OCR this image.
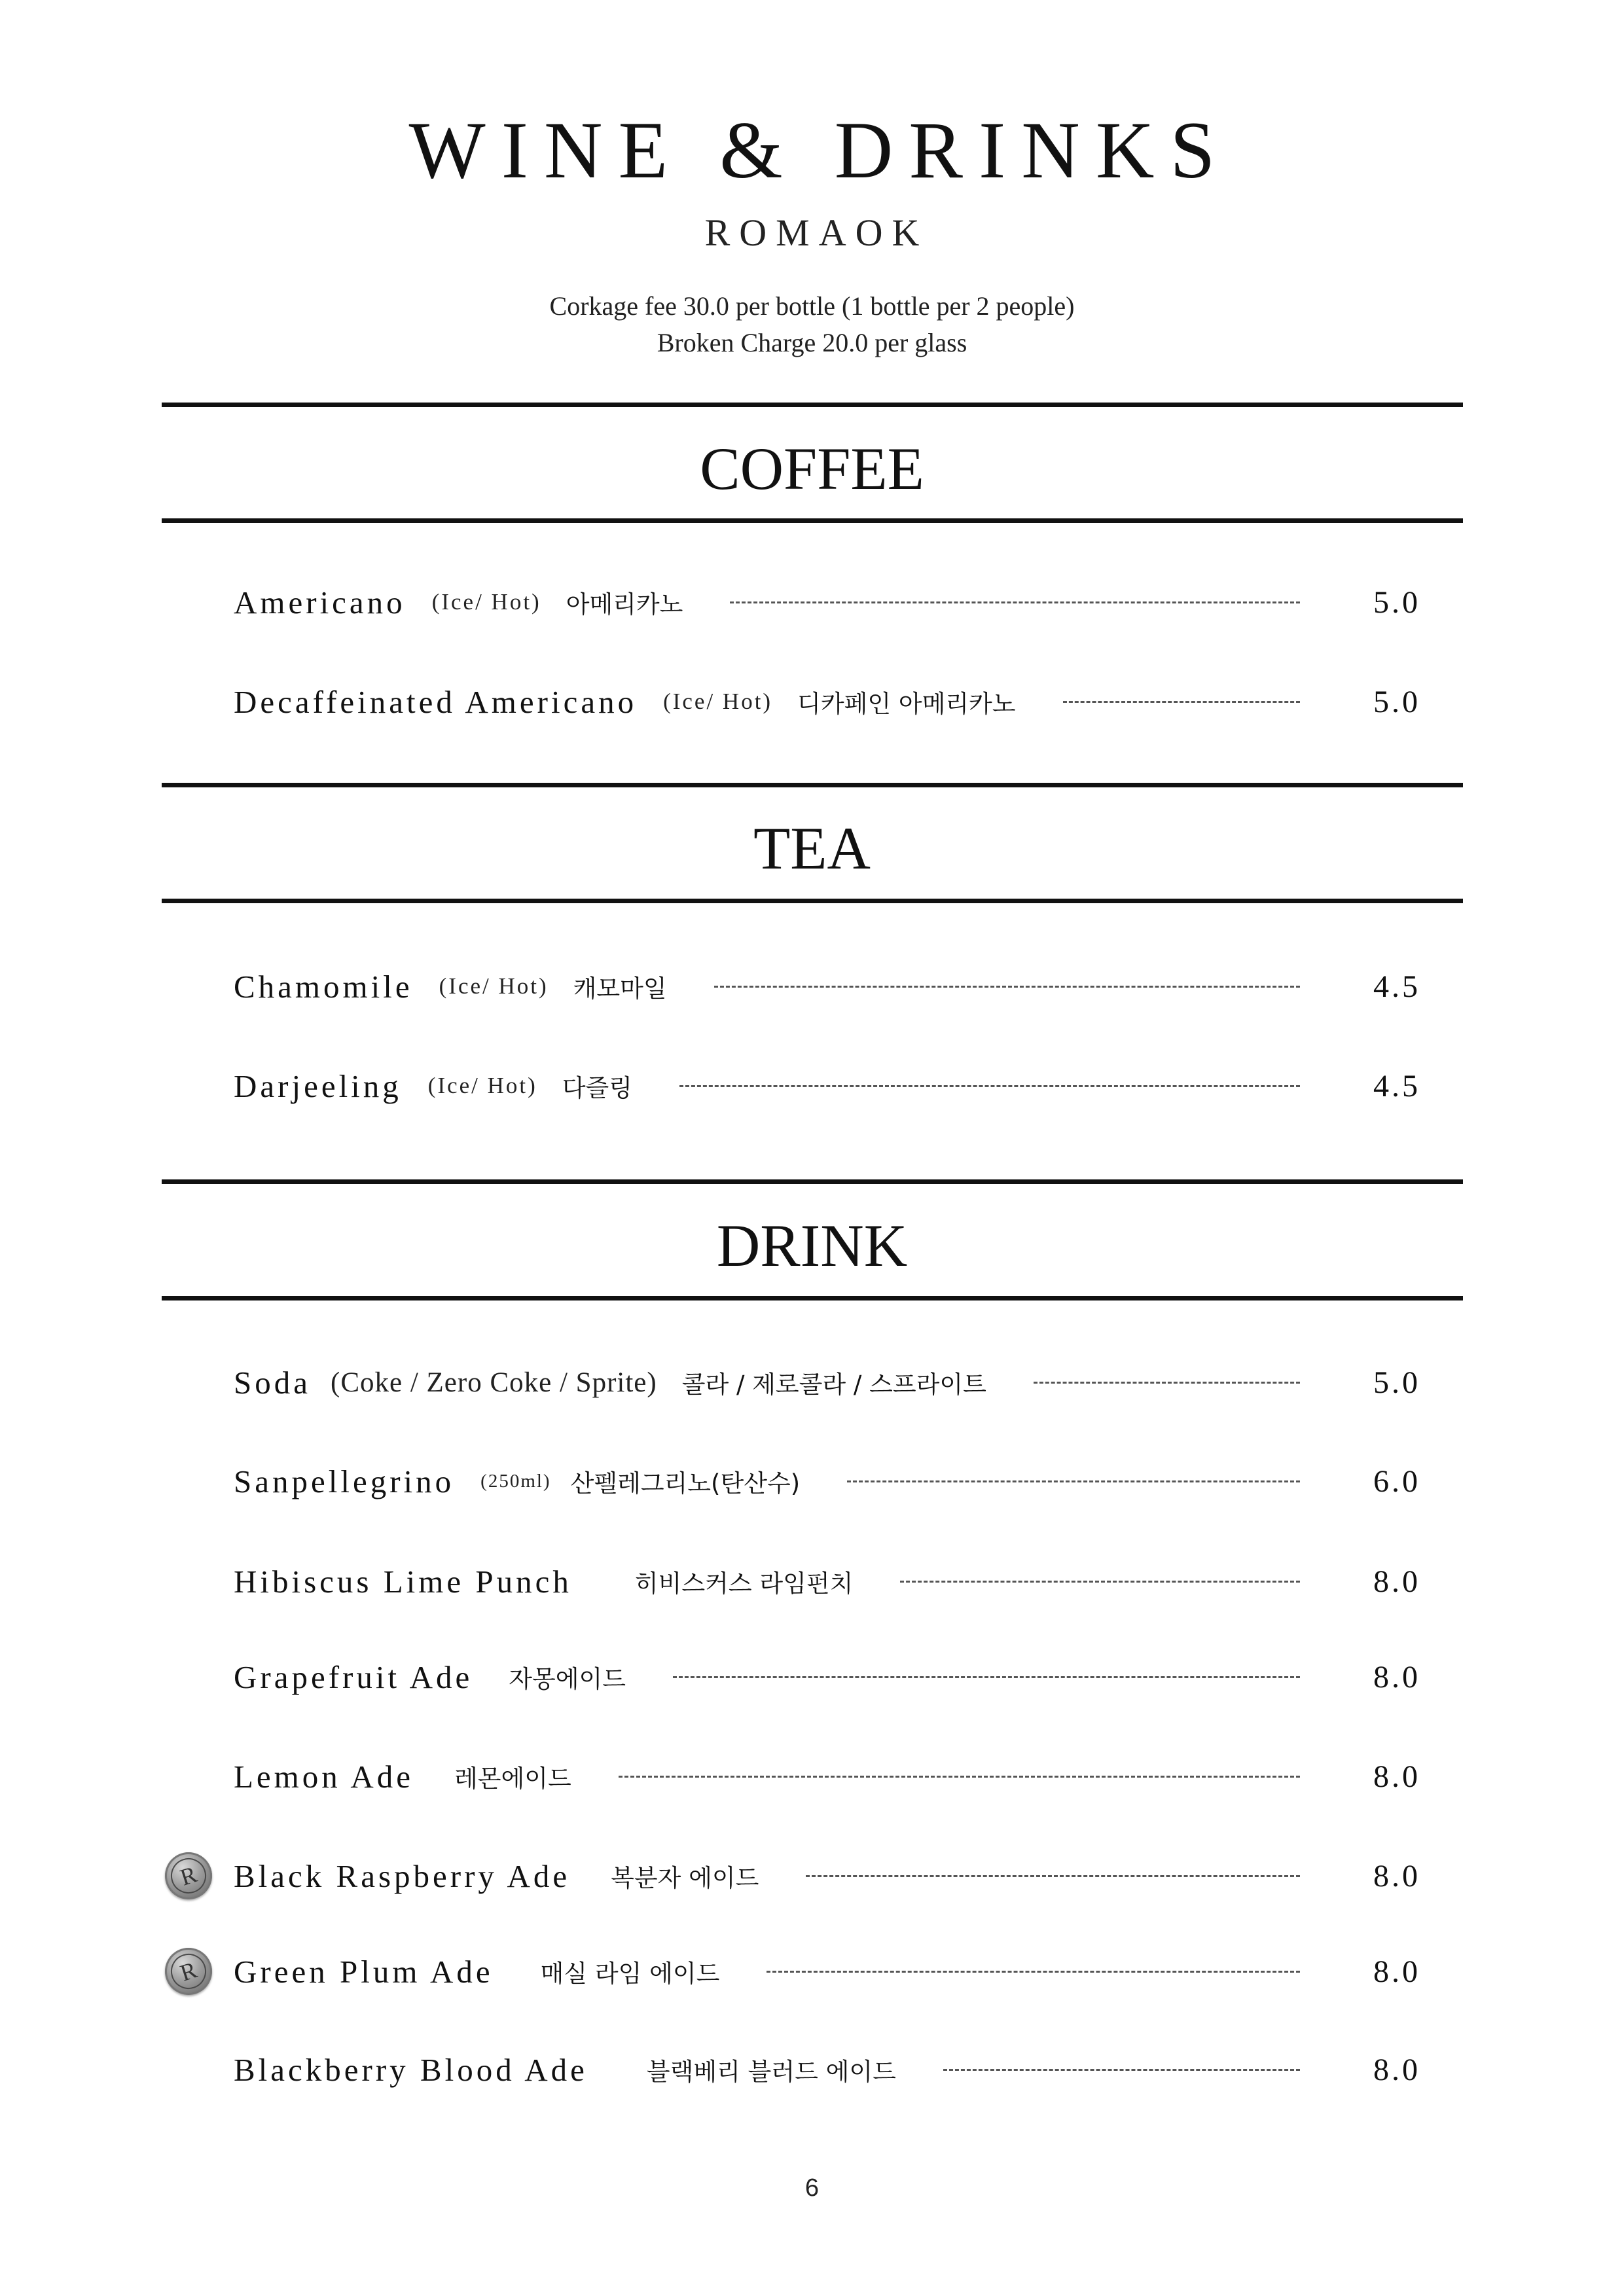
WINE & DRINKS
ROMAOK
Corkage fee 30.0 per bottle (1 bottle per 2 people)
Broken Charge 20.0 per glass
COFFEE
Americano (Ice/ Hot) 아메리카노	5.0
Decaffeinated Americano (Ice/ Hot) 디카페인 아메리카노	5.0
TEA
Chamomile (Ice/ Hot) 캐모마일	4.5
Darjeeling (Ice/ Hot) 다즐링	4.5
DRINK
Soda (Coke / Zero Coke / Sprite) 콜라 / 제로콜라 / 스프라이트	5.0
Sanpellegrino (250ml) 산펠레그리노(탄산수)	6.0
Hibiscus Lime Punch	히비스커스 라임펀치	8.0
Grapefruit Ade 자몽에이드	8.0
Lemon Ade 레몬에이드	8.0
R	Black Raspberry Ade 복분자 에이드	8.0
R	Green Plum Ade 매실 라임 에이드	8.0
Blackberry Blood Ade 블랙베리 블러드 에이드	8.0
6
